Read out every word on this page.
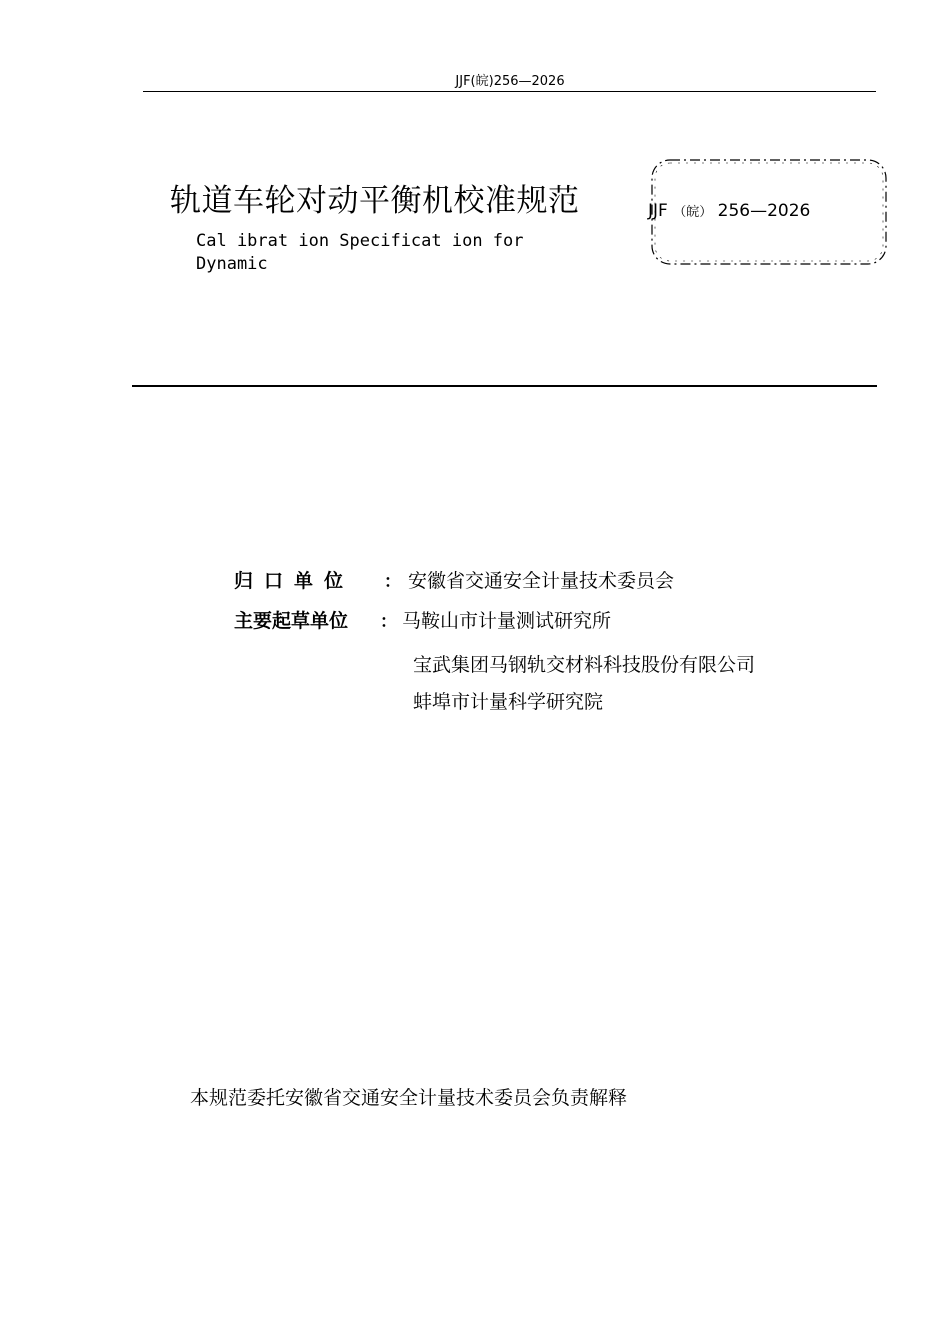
JJF(皖)256—2026
轨道车轮对动平衡机校准规范
Cal ibrat ion Specificat ion for Dynamic
JJF （皖） 256—2026
归口单位 ： 安徽省交通安全计量技术委员会
主要起草单位 ： 马鞍山市计量测试研究所
宝武集团马钢轨交材料科技股份有限公司
蚌埠市计量科学研究院
本规范委托安徽省交通安全计量技术委员会负责解释
